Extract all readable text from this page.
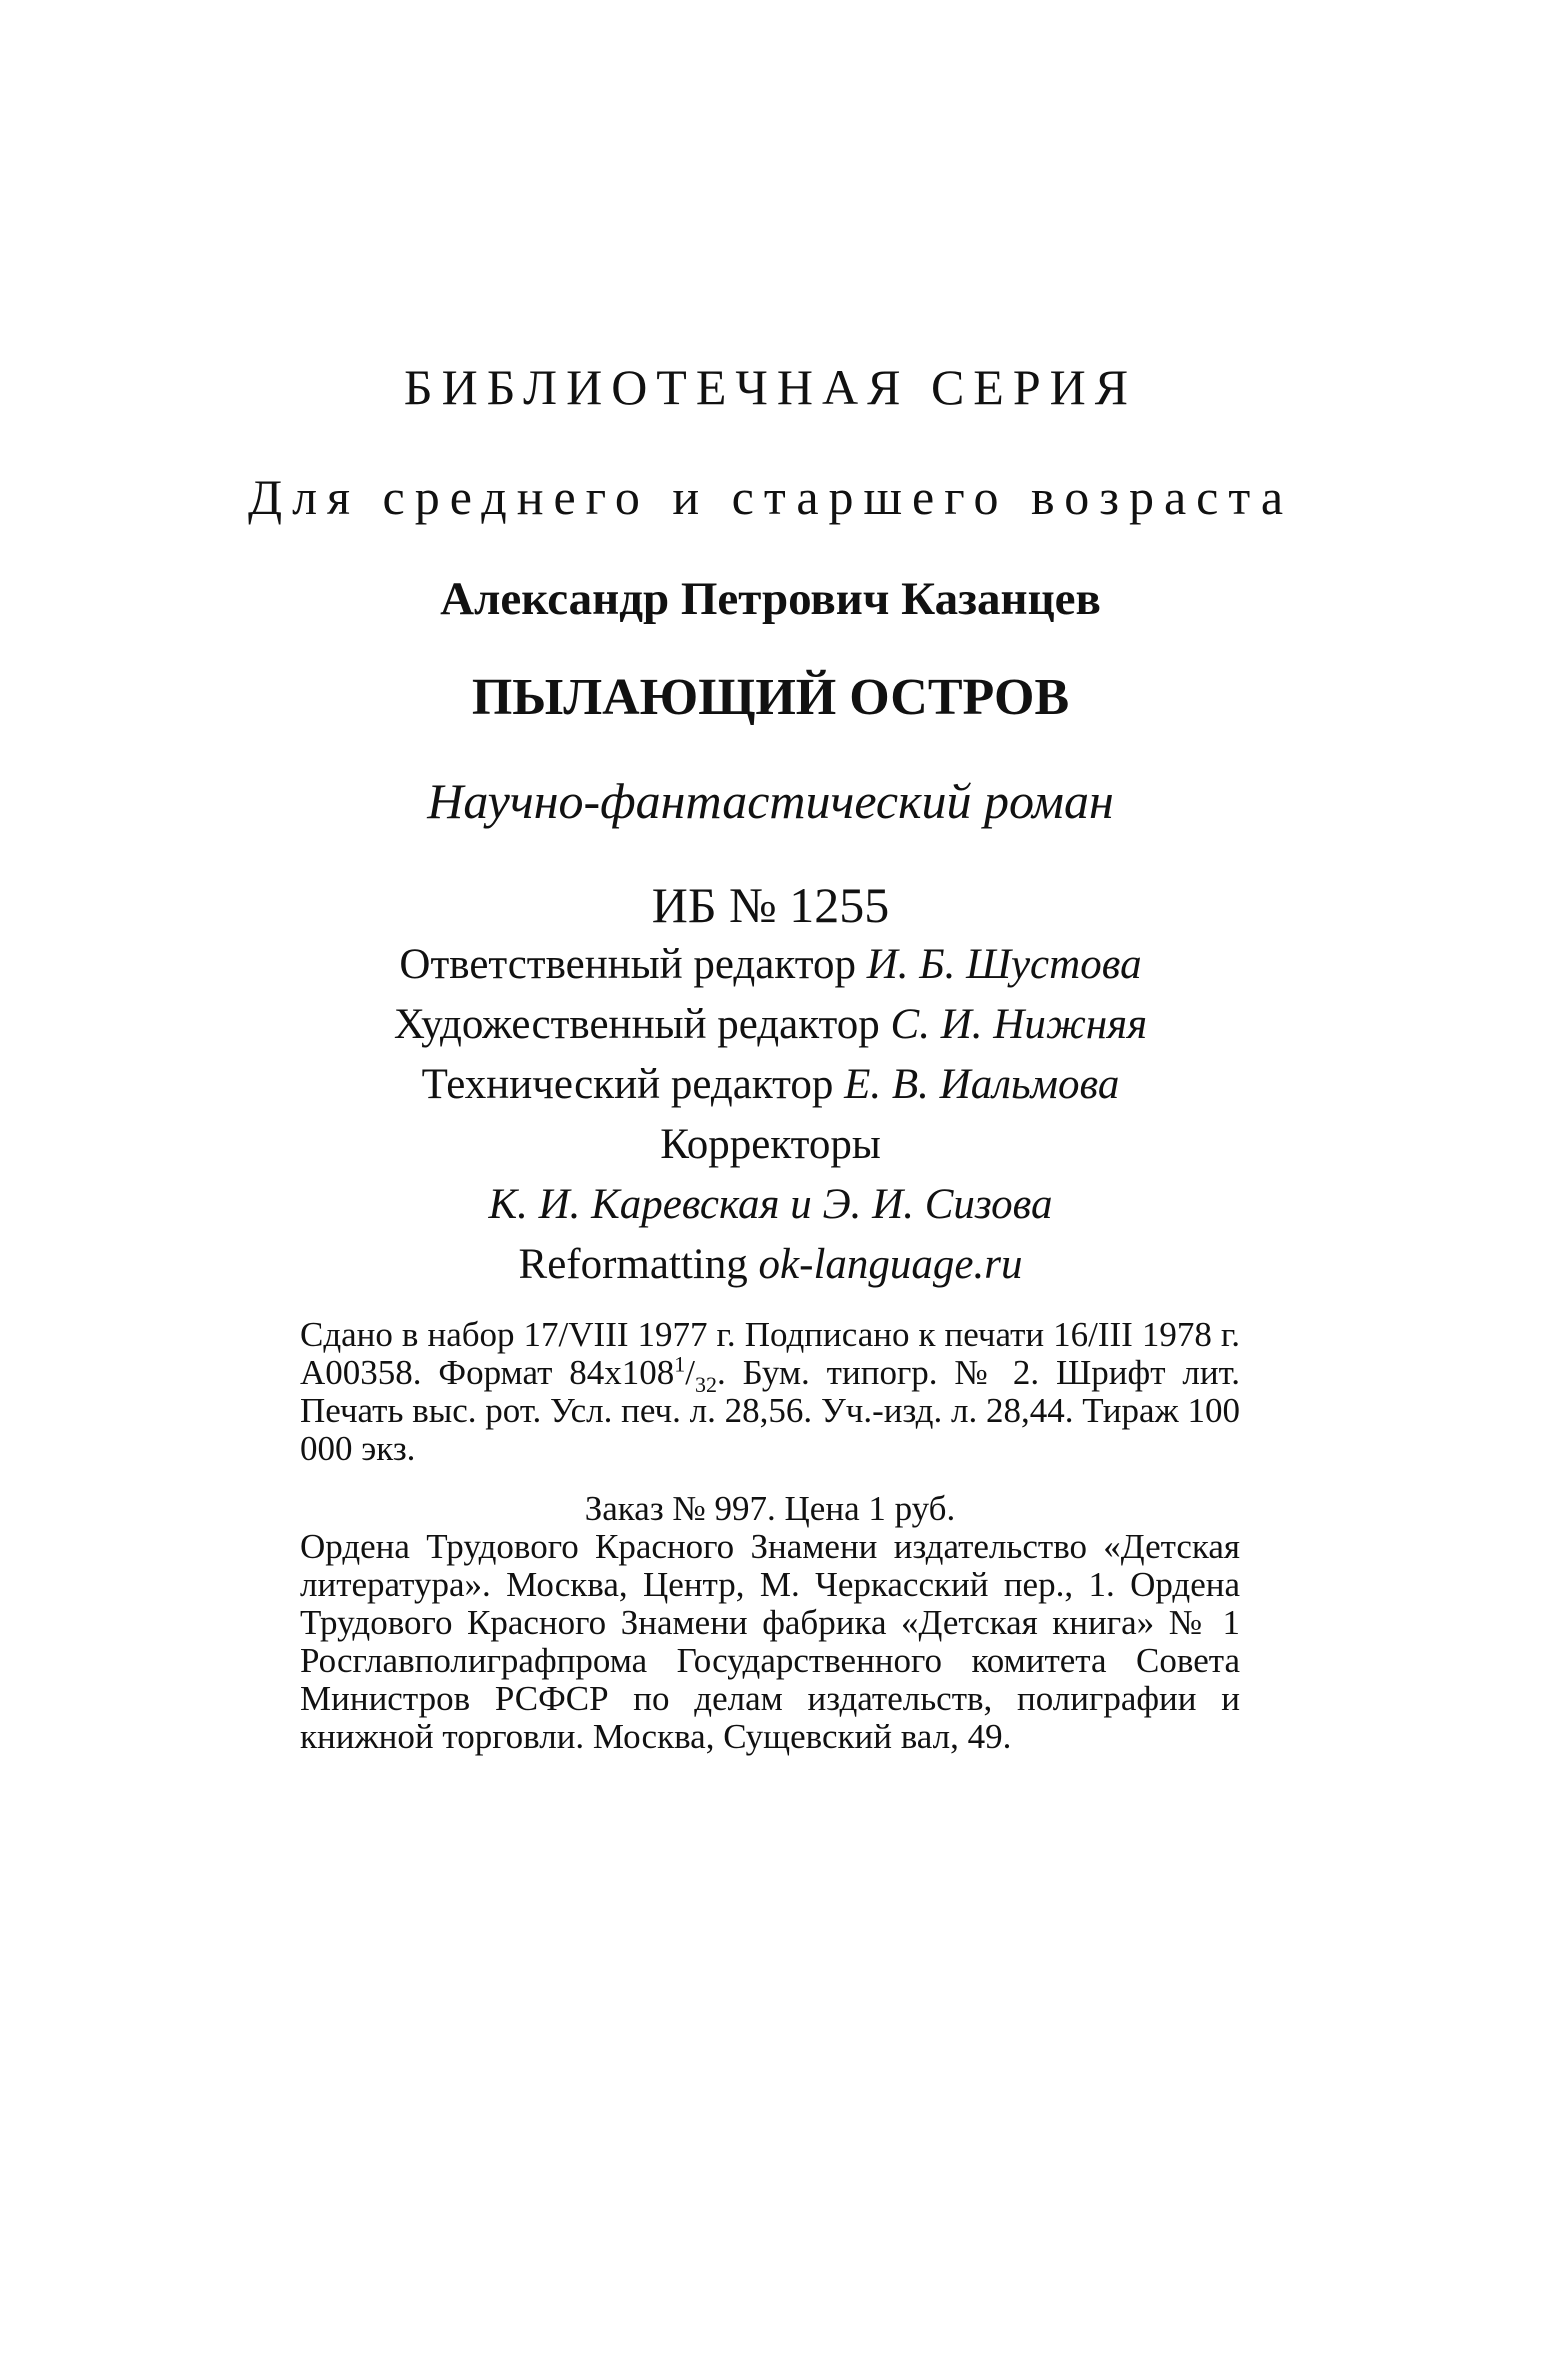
БИБЛИОТЕЧНАЯ СЕРИЯ
Для среднего и старшего возраста
Александр Петрович Казанцев
ПЫЛАЮЩИЙ ОСТРОВ
Научно-фантастический роман
ИБ № 1255
Ответственный редактор И. Б. Шустова
Художественный редактор С. И. Нижняя
Технический редактор Е. В. Иальмова
Корректоры
К. И. Каревская и Э. И. Сизова
Reformatting ok-language.ru
Сдано в набор 17/VIII 1977 г. Подписано к печати 16/III 1978 г. А00358. Формат $84х108^1/_{32}$. Бум. типогр. № 2. Шрифт лит. Печать выс. рот. Усл. печ. л. 28,56. Уч.-изд. л. 28,44. Тираж 100 000 экз.
Заказ № 997. Цена 1 руб.
Ордена Трудового Красного Знамени издательство «Детская литература». Москва, Центр, М. Черкасский пер., 1. Ордена Трудового Красного Знамени фабрика «Детская книга» № 1 Росглавполиграфпрома Государственного комитета Совета Министров РСФСР по делам издательств, полиграфии и книжной торговли. Москва, Сущевский вал, 49.
